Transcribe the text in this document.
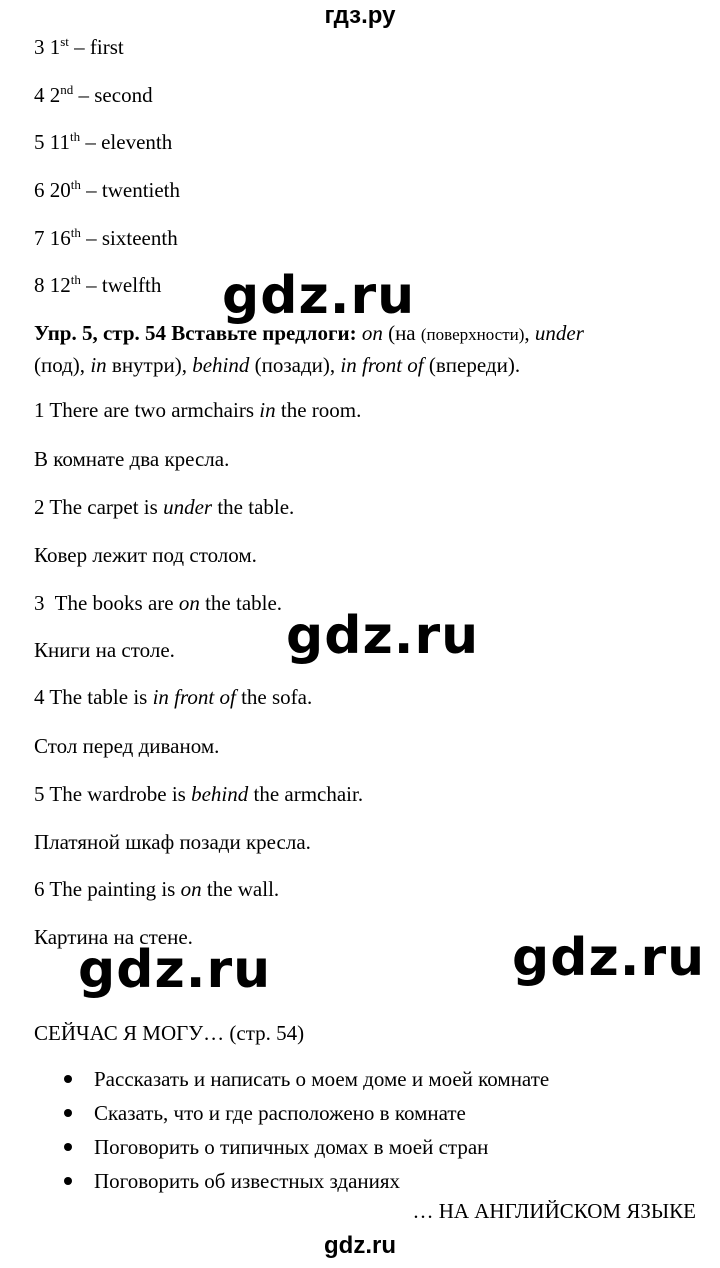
гдз.ру
3 1st – first
4 2nd – second
5 11th – eleventh
6 20th – twentieth
7 16th – sixteenth
8 12th – twelfth gdz.ru
Упр. 5, стр. 54 Вставьте предлоги: on (на (поверхности), under
(под), in внутри), behind (позади), in front of (впереди).
1 There are two armchairs in the room.
В комнате два кресла.
2 The carpet is under the table.
Ковер лежит под столом.
3  The books are on the table.
Книги на столе. gdz.ru
4 The table is in front of the sofa.
Стол перед диваном.
5 The wardrobe is behind the armchair.
Платяной шкаф позади кресла.
6 The painting is on the wall.
Картина на стене.
gdz.ru	gdz.ru
СЕЙЧАС Я МОГУ… (стр. 54)
Рассказать и написать о моем доме и моей комнате
Сказать, что и где расположено в комнате
Поговорить о типичных домах в моей стран
Поговорить об известных зданиях
… НА АНГЛИЙСКОМ ЯЗЫКЕ
gdz.ru
